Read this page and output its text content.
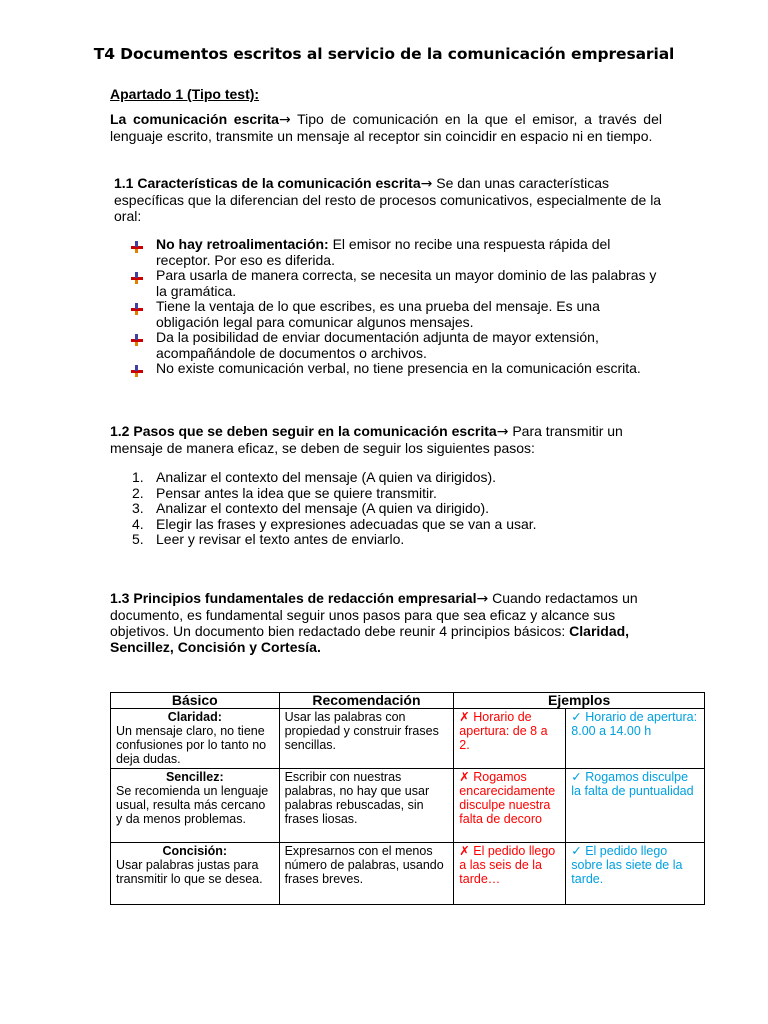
T4 Documentos escritos al servicio de la comunicación empresarial
Apartado 1 (Tipo test):
La comunicación escrita→ Tipo de comunicación en la que el emisor, a través del lenguaje escrito, transmite un mensaje al receptor sin coincidir en espacio ni en tiempo.
1.1 Características de la comunicación escrita→ Se dan unas características específicas que la diferencian del resto de procesos comunicativos, especialmente de la oral:
No hay retroalimentación: El emisor no recibe una respuesta rápida del receptor. Por eso es diferida.
Para usarla de manera correcta, se necesita un mayor dominio de las palabras y la gramática.
Tiene la ventaja de lo que escribes, es una prueba del mensaje. Es una obligación legal para comunicar algunos mensajes.
Da la posibilidad de enviar documentación adjunta de mayor extensión, acompañándole de documentos o archivos.
No existe comunicación verbal, no tiene presencia en la comunicación escrita.
1.2 Pasos que se deben seguir en la comunicación escrita→ Para transmitir un mensaje de manera eficaz, se deben de seguir los siguientes pasos:
1. Analizar el contexto del mensaje (A quien va dirigidos).
2. Pensar antes la idea que se quiere transmitir.
3. Analizar el contexto del mensaje (A quien va dirigido).
4. Elegir las frases y expresiones adecuadas que se van a usar.
5. Leer y revisar el texto antes de enviarlo.
1.3 Principios fundamentales de redacción empresarial→ Cuando redactamos un documento, es fundamental seguir unos pasos para que sea eficaz y alcance sus objetivos. Un documento bien redactado debe reunir 4 principios básicos: Claridad, Sencillez, Concisión y Cortesía.
Básico	Recomendación	Ejemplos	

Claridad:
Un mensaje claro, no tiene confusiones por lo tanto no deja dudas.	Usar las palabras con propiedad y construir frases sencillas.	✗ Horario de apertura: de 8 a 2.	✓ Horario de apertura: 8.00 a 14.00 h

Sencillez:
Se recomienda un lenguaje usual, resulta más cercano y da menos problemas.	Escribir con nuestras palabras, no hay que usar palabras rebuscadas, sin frases liosas.	✗ Rogamos encarecidamente disculpe nuestra falta de decoro	✓ Rogamos disculpe la falta de puntualidad

Concisión:
Usar palabras justas para transmitir lo que se desea.	Expresarnos con el menos número de palabras, usando frases breves.	✗ El pedido llego a las seis de la tarde…	✓ El pedido llego sobre las siete de la tarde.
